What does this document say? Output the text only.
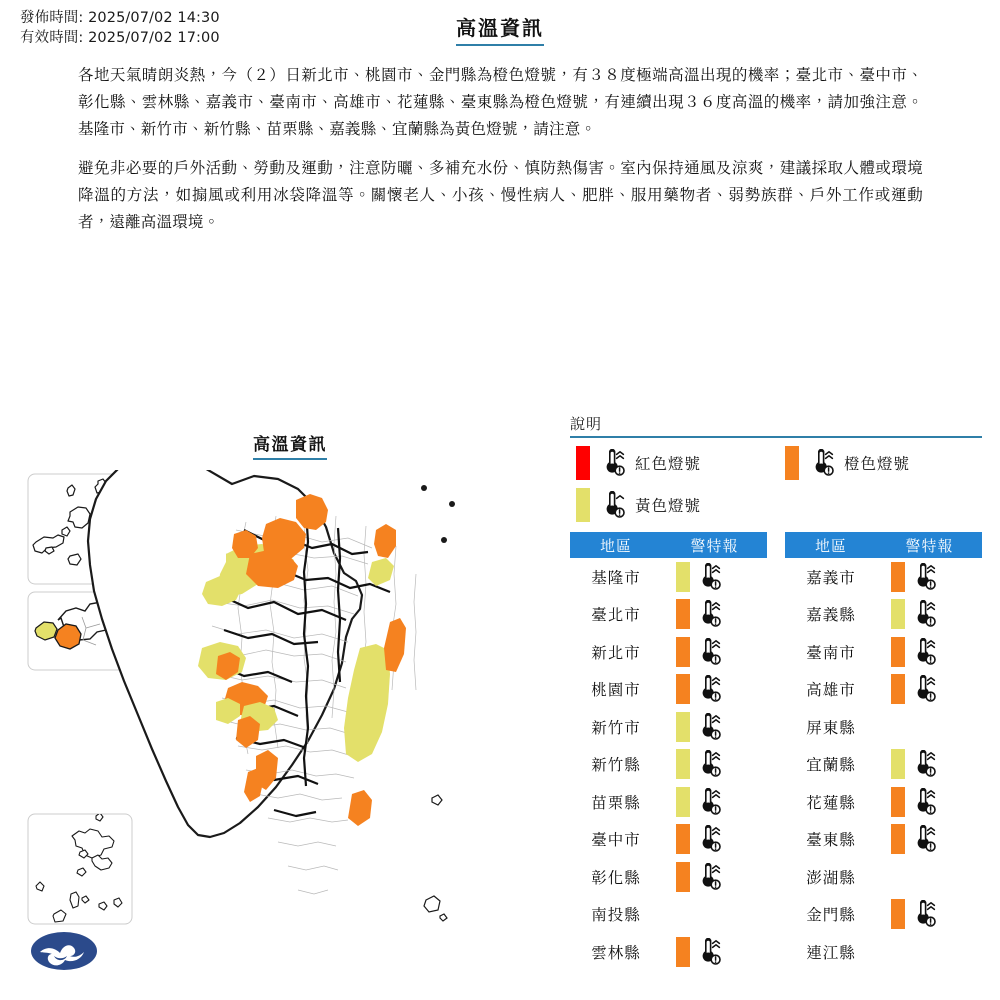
發佈時間: 2025/07/02 14:30
有效時間: 2025/07/02 17:00	高溫資訊

各地天氣晴朗炎熱，今（２）日新北市、桃園市、金門縣為橙色燈號，有３８度極端高溫出現的機率；臺北市、臺中市、彰化縣、雲林縣、嘉義市、臺南市、高雄市、花蓮縣、臺東縣為橙色燈號，有連續出現３６度高溫的機率，請加強注意。基隆市、新竹市、新竹縣、苗栗縣、嘉義縣、宜蘭縣為黃色燈號，請注意。

避免非必要的戶外活動、勞動及運動，注意防曬、多補充水份、慎防熱傷害。室內保持通風及涼爽，建議採取人體或環境降溫的方法，如搧風或利用冰袋降溫等。關懷老人、小孩、慢性病人、肥胖、服用藥物者、弱勢族群、戶外工作或運動者，遠離高溫環境。

高溫資訊
說明
紅色燈號	橙色燈號
黃色燈號
地區	警特報
基隆市
臺北市
新北市
桃園市
新竹市
新竹縣
苗栗縣
臺中市
彰化縣
南投縣
雲林縣
地區	警特報
嘉義市
嘉義縣
臺南市
高雄市
屏東縣
宜蘭縣
花蓮縣
臺東縣
澎湖縣
金門縣
連江縣
